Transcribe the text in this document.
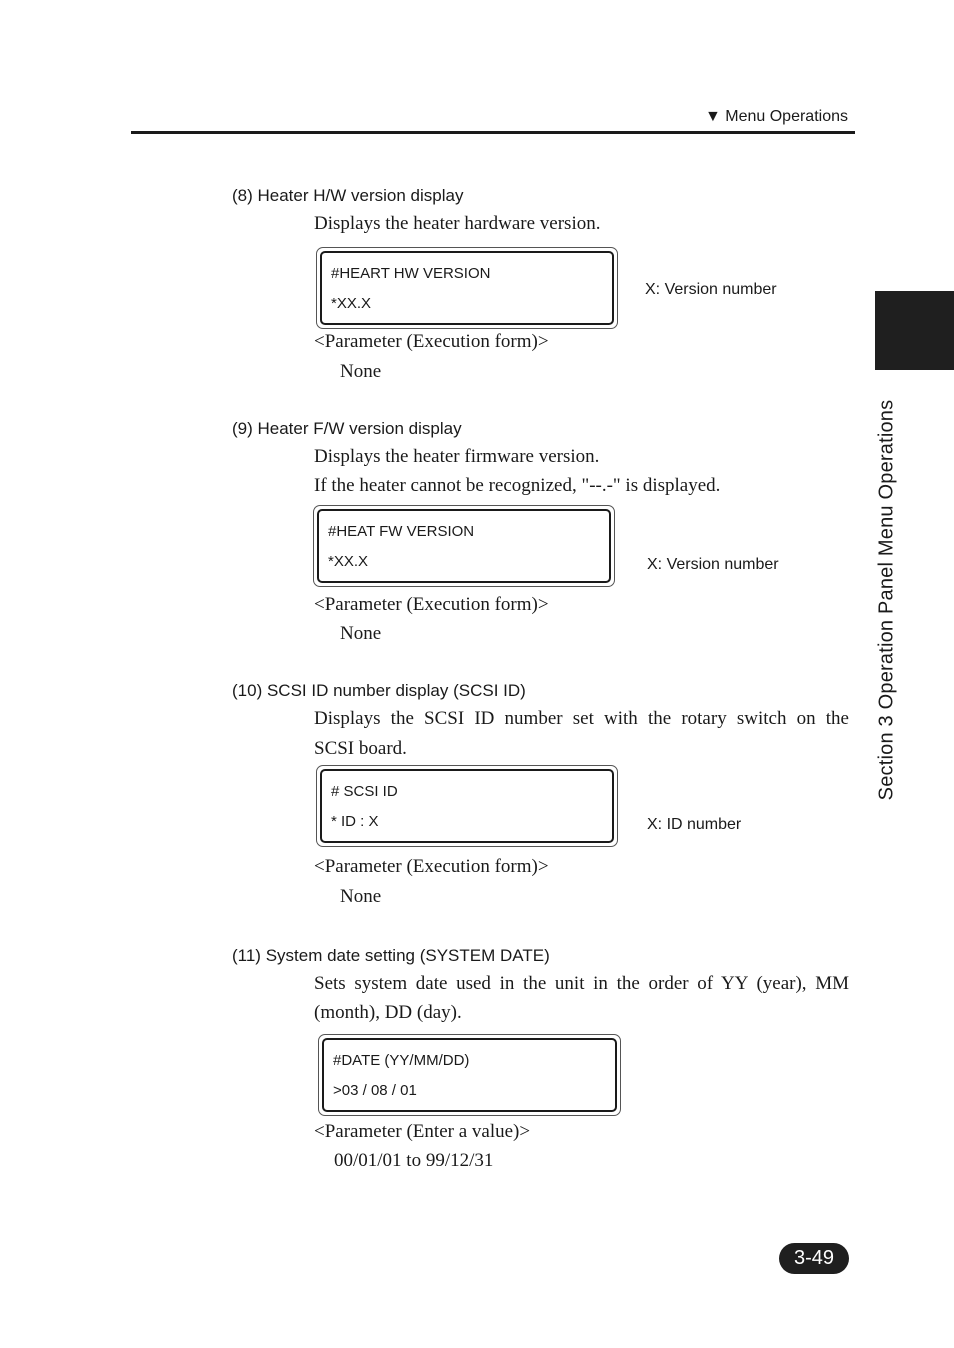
▼ Menu Operations
Section 3 Operation Panel Menu Operations
(8) Heater H/W version display
Displays the heater hardware version.
#HEART HW VERSION
*XX.X
X: Version number
<Parameter (Execution form)>
None
(9) Heater F/W version display
Displays the heater firmware version.
If the heater cannot be recognized, "--.-" is displayed.
#HEAT FW VERSION
*XX.X	X: Version number
<Parameter (Execution form)>
None
(10) SCSI ID number display (SCSI ID)
Displays the SCSI ID number set with the rotary switch on the
SCSI board.
# SCSI ID
* ID : X	X: ID number
<Parameter (Execution form)>
None
(11) System date setting (SYSTEM DATE)
Sets system date used in the unit in the order of YY (year), MM
(month), DD (day).
#DATE (YY/MM/DD)
>03 / 08 / 01
<Parameter (Enter a value)>
00/01/01 to 99/12/31
3-49
